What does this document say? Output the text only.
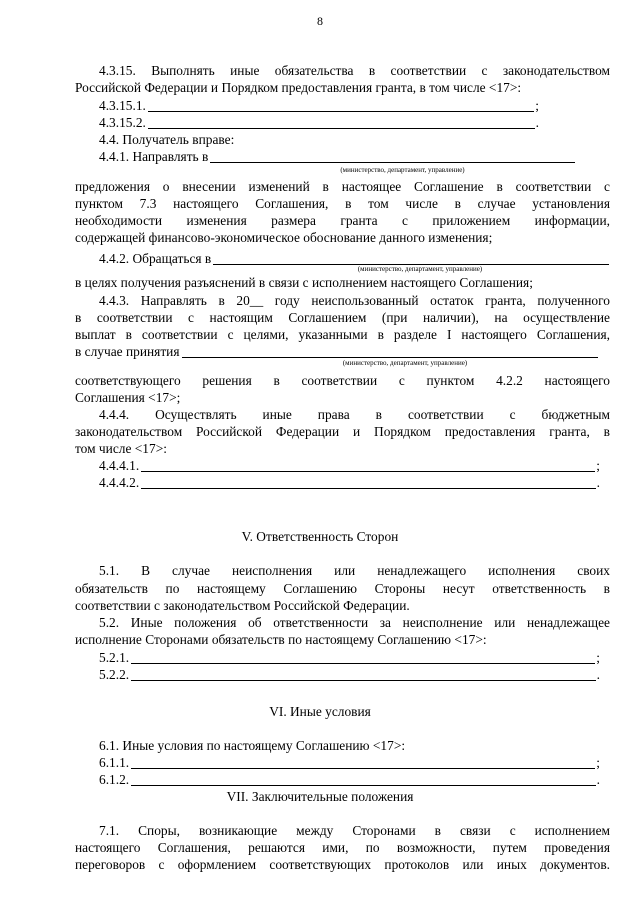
8
4.3.15. Выполнять иные обязательства в соответствии с законодательством
Российской Федерации и Порядком предоставления гранта, в том числе <17>:
4.3.15.1.	;
4.3.15.2.	.
4.4. Получатель вправе:
4.4.1. Направлять в
(министерство, департамент, управление)
предложения о внесении изменений в настоящее Соглашение в соответствии с
пунктом 7.3 настоящего Соглашения, в том числе в случае установления
необходимости изменения размера гранта с приложением информации,
содержащей финансово-экономическое обоснование данного изменения;
4.4.2. Обращаться в
(министерство, департамент, управление)
в целях получения разъяснений в связи с исполнением настоящего Соглашения;
4.4.3. Направлять в 20__ году неиспользованный остаток гранта, полученного
в соответствии с настоящим Соглашением (при наличии), на осуществление
выплат в соответствии с целями, указанными в разделе I настоящего Соглашения,
в случае принятия
(министерство, департамент, управление)
соответствующего решения в соответствии с пунктом 4.2.2 настоящего
Соглашения <17>;
4.4.4. Осуществлять иные права в соответствии с бюджетным
законодательством Российской Федерации и Порядком предоставления гранта, в
том числе <17>:
4.4.4.1.	;
4.4.4.2.	.
V. Ответственность Сторон
5.1. В случае неисполнения или ненадлежащего исполнения своих
обязательств по настоящему Соглашению Стороны несут ответственность в
соответствии с законодательством Российской Федерации.
5.2. Иные положения об ответственности за неисполнение или ненадлежащее
исполнение Сторонами обязательств по настоящему Соглашению <17>:
5.2.1.	;
5.2.2.	.
VI. Иные условия
6.1. Иные условия по настоящему Соглашению <17>:
6.1.1.	;
6.1.2.	.
VII. Заключительные положения
7.1. Споры, возникающие между Сторонами в связи с исполнением
настоящего Соглашения, решаются ими, по возможности, путем проведения
переговоров с оформлением соответствующих протоколов или иных документов.
